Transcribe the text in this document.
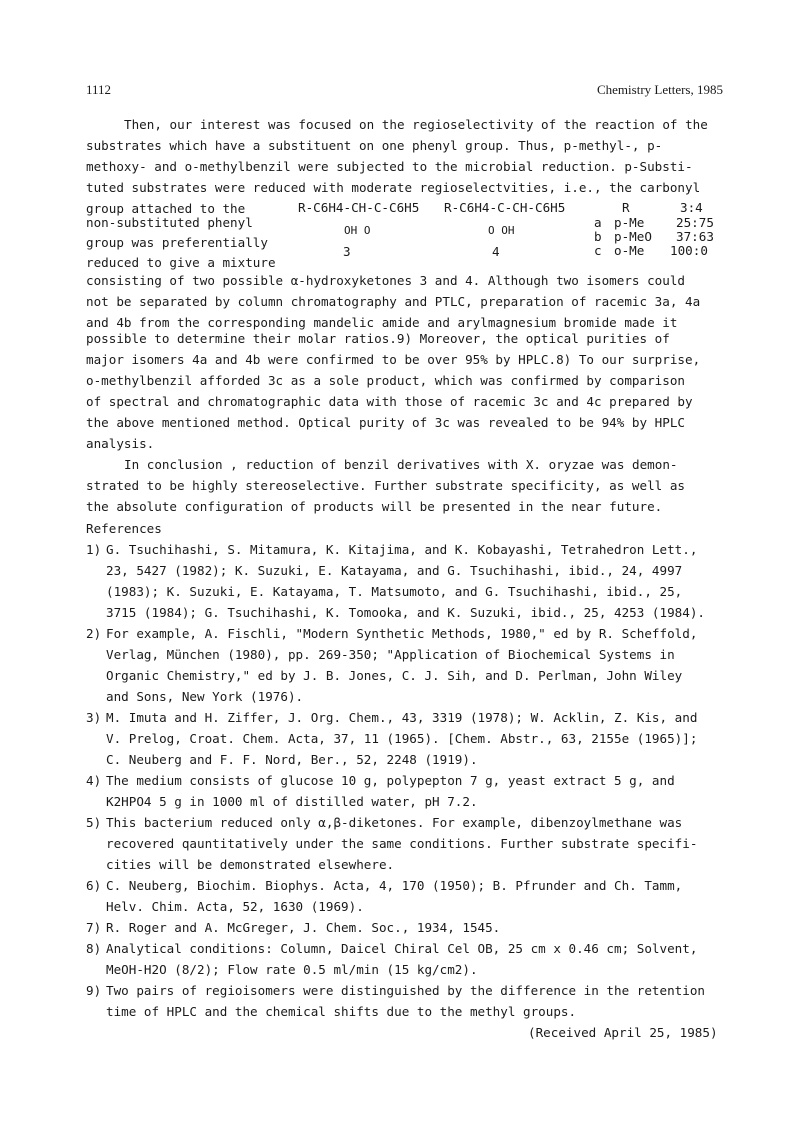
1112	Chemistry Letters, 1985
Then, our interest was focused on the regioselectivity of the reaction of the
substrates which have a substituent on one phenyl group. Thus, p-methyl-, p-
methoxy- and o-methylbenzil were subjected to the microbial reduction. p-Substi-
tuted substrates were reduced with moderate regioselectvities, i.e., the carbonyl
group attached to the
non-substituted phenyl
group was preferentially
reduced to give a mixture
consisting of two possible α-hydroxyketones 3 and 4. Although two isomers could
not be separated by column chromatography and PTLC, preparation of racemic 3a, 4a
and 4b from the corresponding mandelic amide and arylmagnesium bromide made it
possible to determine their molar ratios.9) Moreover, the optical purities of
major isomers 4a and 4b were confirmed to be over 95% by HPLC.8) To our surprise,
o-methylbenzil afforded 3c as a sole product, which was confirmed by comparison
of spectral and chromatographic data with those of racemic 3c and 4c prepared by
the above mentioned method. Optical purity of 3c was revealed to be 94% by HPLC
analysis.
In conclusion , reduction of benzil derivatives with X. oryzae was demon-
strated to be highly stereoselective. Further substrate specificity, as well as
the absolute configuration of products will be presented in the near future.
R-C6H4-CH-C-C6H5
OH O
3
R-C6H4-C-CH-C6H5
O OH
4
R	3:4
a p-Me	25:75
b p-MeO 37:63
c o-Me 100:0
References
1) G. Tsuchihashi, S. Mitamura, K. Kitajima, and K. Kobayashi, Tetrahedron Lett.,
23, 5427 (1982); K. Suzuki, E. Katayama, and G. Tsuchihashi, ibid., 24, 4997
(1983); K. Suzuki, E. Katayama, T. Matsumoto, and G. Tsuchihashi, ibid., 25,
3715 (1984); G. Tsuchihashi, K. Tomooka, and K. Suzuki, ibid., 25, 4253 (1984).
2) For example, A. Fischli, "Modern Synthetic Methods, 1980," ed by R. Scheffold,
Verlag, München (1980), pp. 269-350; "Application of Biochemical Systems in
Organic Chemistry," ed by J. B. Jones, C. J. Sih, and D. Perlman, John Wiley
and Sons, New York (1976).
3) M. Imuta and H. Ziffer, J. Org. Chem., 43, 3319 (1978); W. Acklin, Z. Kis, and
V. Prelog, Croat. Chem. Acta, 37, 11 (1965). [Chem. Abstr., 63, 2155e (1965)];
C. Neuberg and F. F. Nord, Ber., 52, 2248 (1919).
4) The medium consists of glucose 10 g, polypepton 7 g, yeast extract 5 g, and
K2HPO4 5 g in 1000 ml of distilled water, pH 7.2.
5) This bacterium reduced only α,β-diketones. For example, dibenzoylmethane was
recovered qauntitatively under the same conditions. Further substrate specifi-
cities will be demonstrated elsewhere.
6) C. Neuberg, Biochim. Biophys. Acta, 4, 170 (1950); B. Pfrunder and Ch. Tamm,
Helv. Chim. Acta, 52, 1630 (1969).
7) R. Roger and A. McGreger, J. Chem. Soc., 1934, 1545.
8) Analytical conditions: Column, Daicel Chiral Cel OB, 25 cm x 0.46 cm; Solvent,
MeOH-H2O (8/2); Flow rate 0.5 ml/min (15 kg/cm2).
9) Two pairs of regioisomers were distinguished by the difference in the retention
time of HPLC and the chemical shifts due to the methyl groups.
(Received April 25, 1985)
